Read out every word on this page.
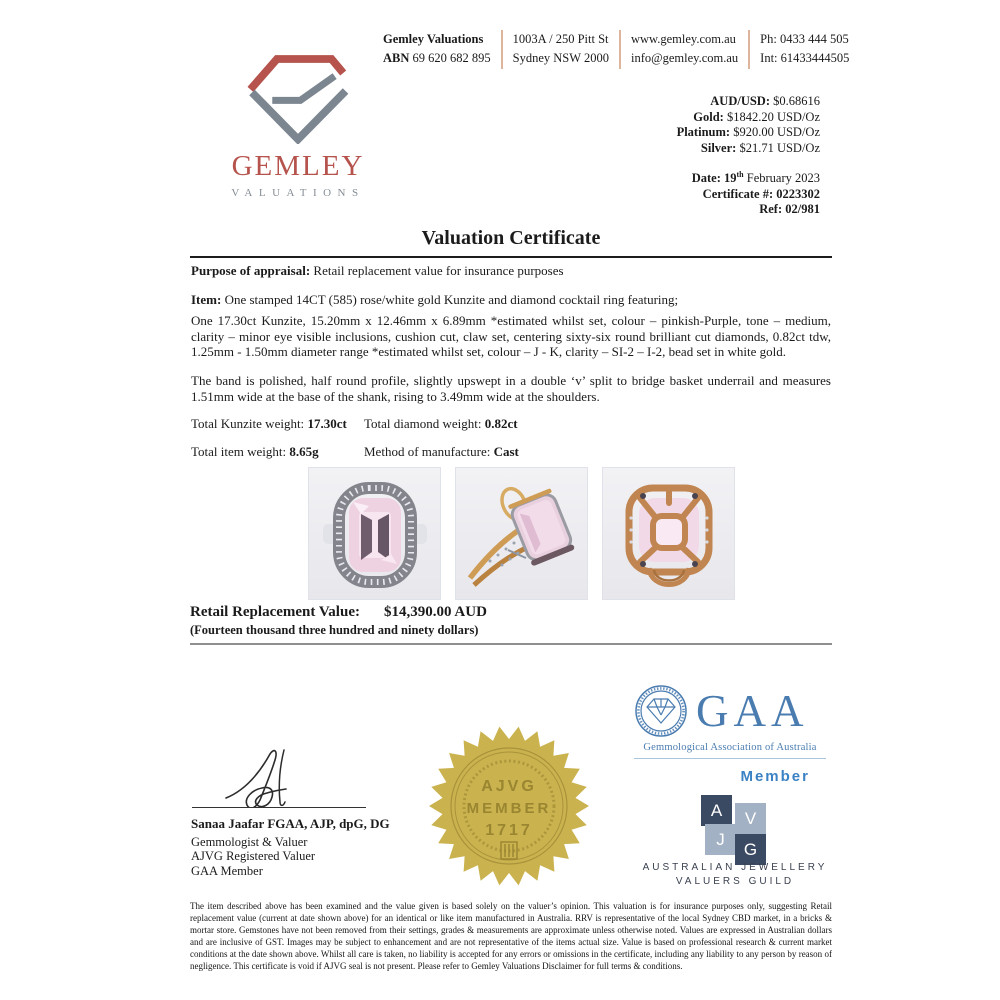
Gemley Valuations
ABN 69 620 682 895
1003A / 250 Pitt St
Sydney NSW 2000
www.gemley.com.au
info@gemley.com.au
Ph: 0433 444 505
Int: 61433444505
GEMLEY
VALUATIONS
AUD/USD: $0.68616
Gold: $1842.20 USD/Oz
Platinum: $920.00 USD/Oz
Silver: $21.71 USD/Oz
Date: 19th February 2023
Certificate #: 0223302
Ref: 02/981
Valuation Certificate
Purpose of appraisal: Retail replacement value for insurance purposes
Item: One stamped 14CT (585) rose/white gold Kunzite and diamond cocktail ring featuring;
One 17.30ct Kunzite, 15.20mm x 12.46mm x 6.89mm *estimated whilst set, colour – pinkish-Purple, tone – medium, clarity – minor eye visible inclusions, cushion cut, claw set, centering sixty-six round brilliant cut diamonds, 0.82ct tdw, 1.25mm - 1.50mm diameter range *estimated whilst set, colour – J - K, clarity – SI-2 – I-2, bead set in white gold.
The band is polished, half round profile, slightly upswept in a double ‘v’ split to bridge basket underrail and measures 1.51mm wide at the base of the shank, rising to 3.49mm wide at the shoulders.
Total Kunzite weight: 17.30ct	Total diamond weight: 0.82ct
Total item weight: 8.65g	Method of manufacture: Cast
Retail Replacement Value: $14,390.00 AUD
(Fourteen thousand three hundred and ninety dollars)
Sanaa Jaafar FGAA, AJP, dpG, DG
Gemmologist & Valuer
AJVG Registered Valuer
GAA Member
AJVG
MEMBER
1717
GAA
Gemmological Association of Australia
Member
A	V
J
G
AUSTRALIAN JEWELLERY
VALUERS GUILD
The item described above has been examined and the value given is based solely on the valuer’s opinion. This valuation is for insurance purposes only, suggesting Retail replacement value (current at date shown above) for an identical or like item manufactured in Australia. RRV is representative of the local Sydney CBD market, in a bricks & mortar store. Gemstones have not been removed from their settings, grades & measurements are approximate unless otherwise noted. Values are expressed in Australian dollars and are inclusive of GST. Images may be subject to enhancement and are not representative of the items actual size. Value is based on professional research & current market conditions at the date shown above. Whilst all care is taken, no liability is accepted for any errors or omissions in the certificate, including any liability to any person by reason of negligence. This certificate is void if AJVG seal is not present. Please refer to Gemley Valuations Disclaimer for full terms & conditions.
